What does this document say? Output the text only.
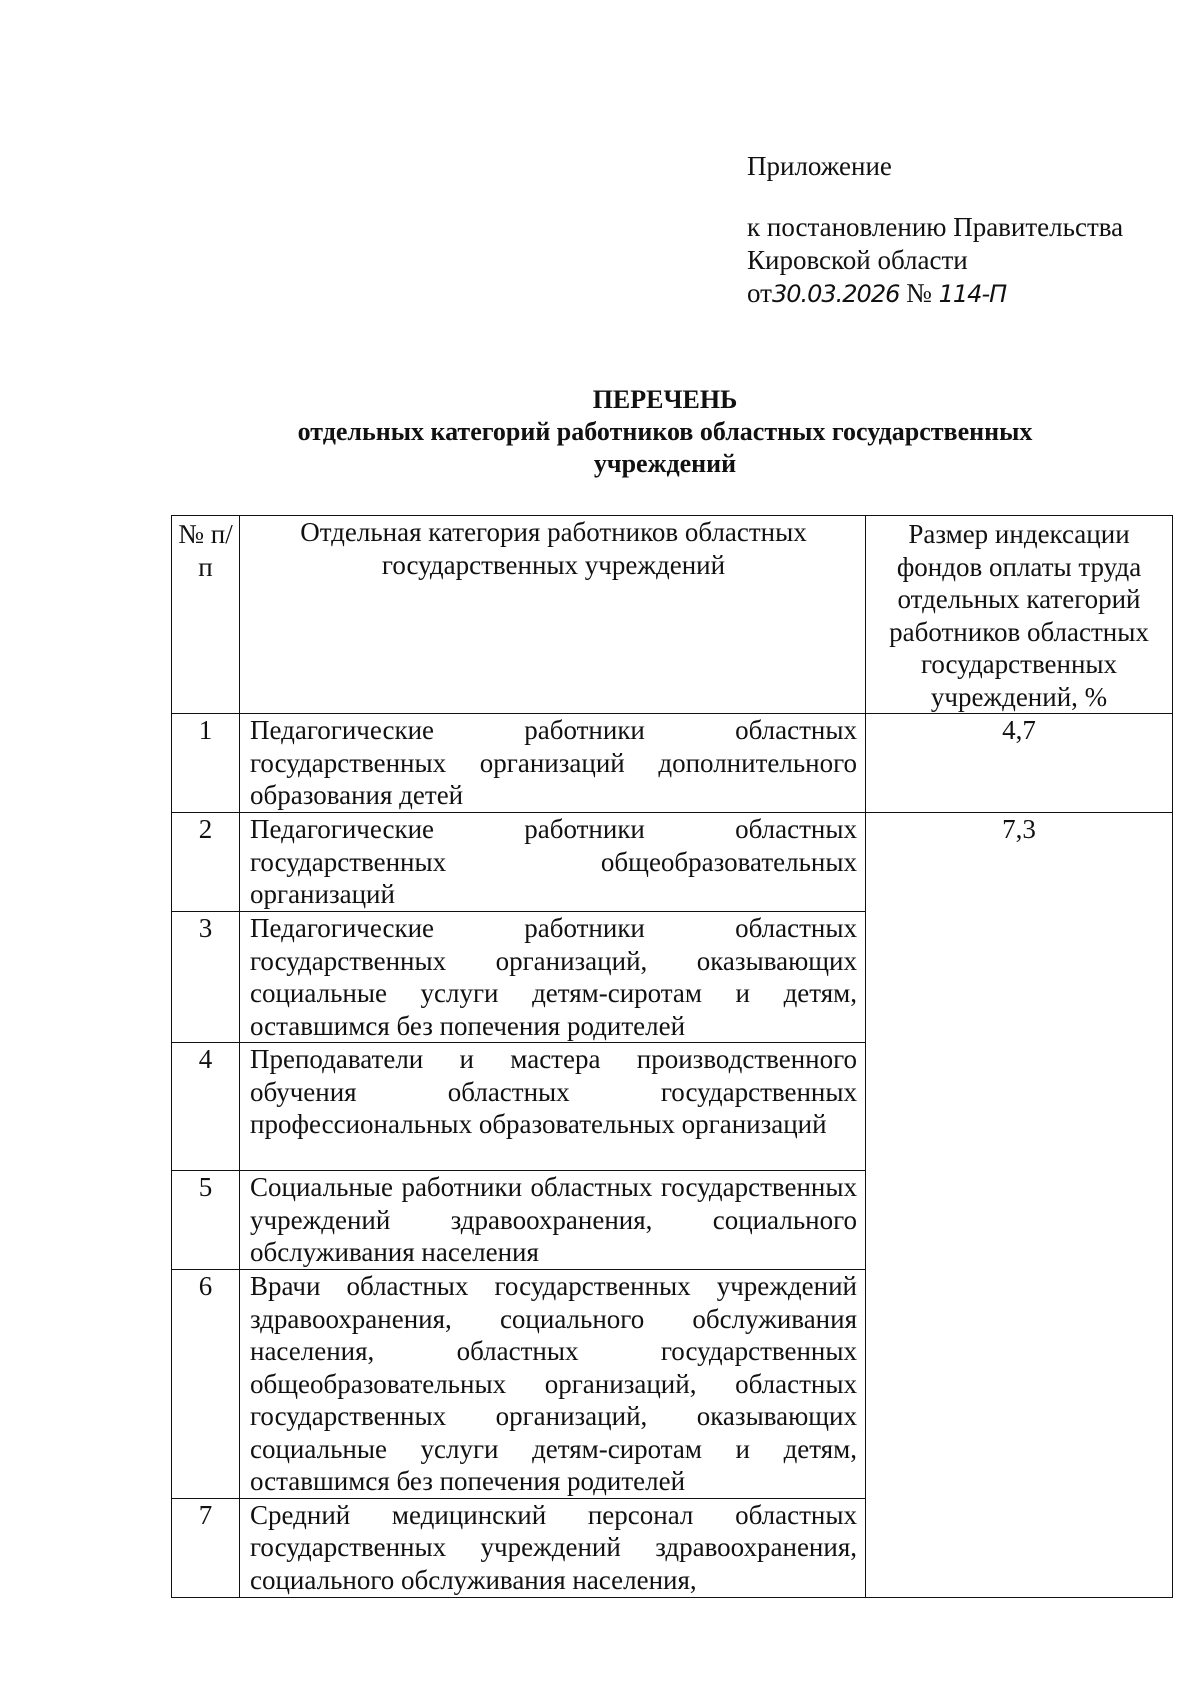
Приложение
к постановлению Правительства
Кировской области
от30.03.2026 № 114-П
ПЕРЕЧЕНЬ
отдельных категорий работников областных государственных
учреждений
№ п/п	Отдельная категория работников областных государственных учреждений	Размер индексации фондов оплаты труда отдельных категорий работников областных государственных учреждений, %
1	Педагогические работники областных государственных организаций дополнительного образования детей	4,7
2	Педагогические работники областных государственных общеобразовательных организаций	7,3
3	Педагогические работники областных государственных организаций, оказывающих социальные услуги детям-сиротам и детям, оставшимся без попечения родителей	
4	Преподаватели и мастера производственного обучения областных государственных профессиональных образовательных организаций	
5	Социальные работники областных государственных учреждений здравоохранения, социального обслуживания населения	
6	Врачи областных государственных учреждений здравоохранения, социального обслуживания населения, областных государственных общеобразовательных организаций, областных государственных организаций, оказывающих социальные услуги детям-сиротам и детям, оставшимся без попечения родителей	
7	Средний медицинский персонал областных государственных учреждений здравоохранения, социального обслуживания населения,	
